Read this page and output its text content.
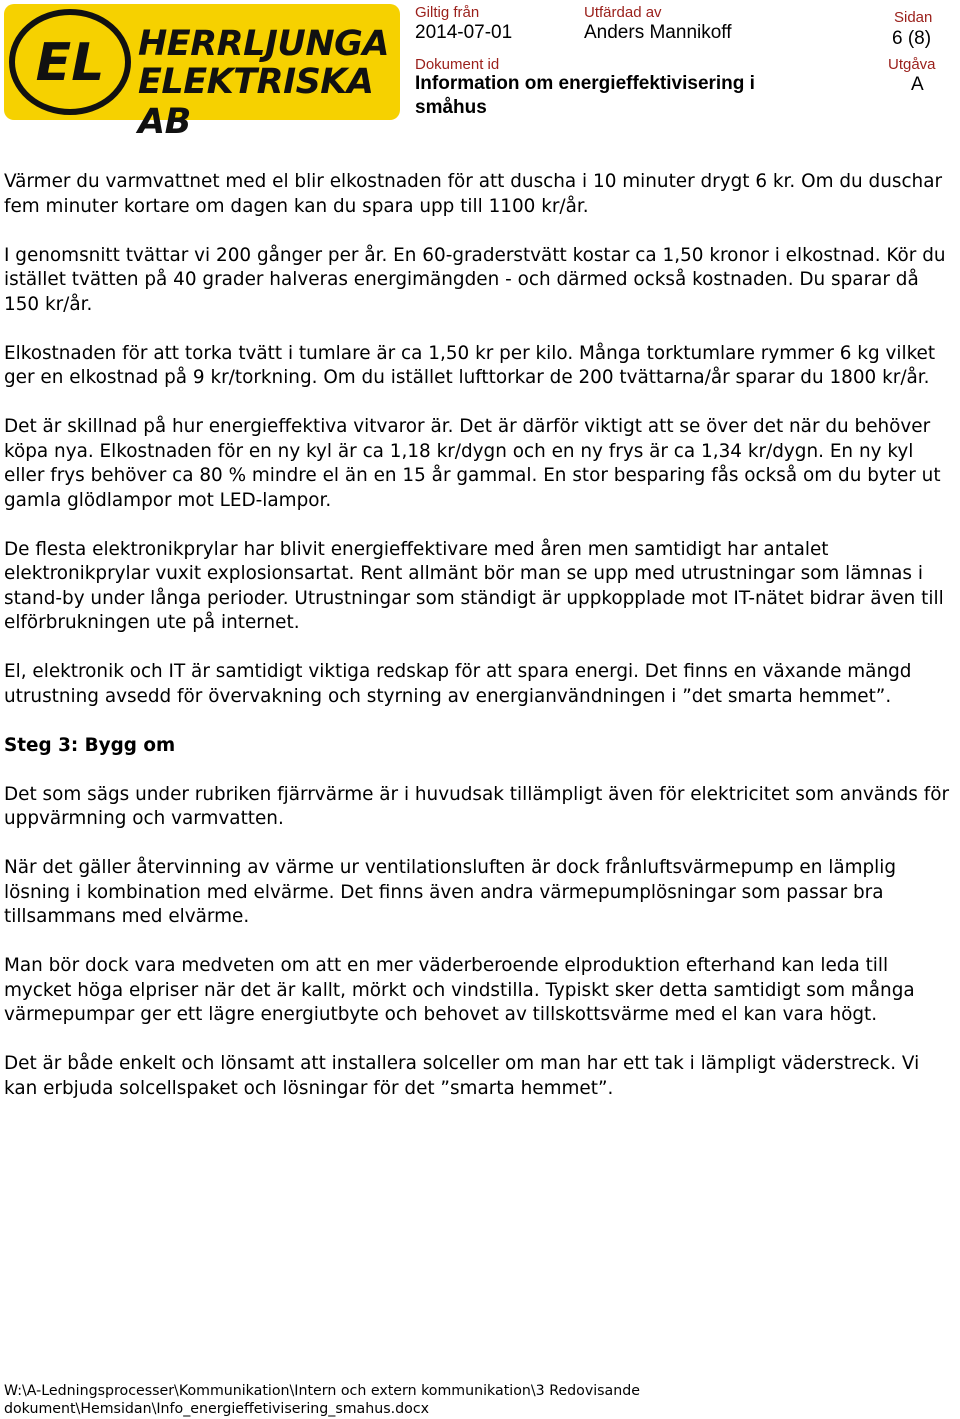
EL HERRLJUNGA
ELEKTRISKA AB
Giltig från
2014-07-01
Utfärdad av
Anders Mannikoff
Sidan
6 (8)
Dokument id
Information om energieffektivisering i
småhus
Utgåva
A

Värmer du varmvattnet med el blir elkostnaden för att duscha i 10 minuter drygt 6 kr. Om du duschar fem minuter kortare om dagen kan du spara upp till 1100 kr/år.

I genomsnitt tvättar vi 200 gånger per år. En 60-graderstvätt kostar ca 1,50 kronor i elkostnad. Kör du istället tvätten på 40 grader halveras energimängden - och därmed också kostnaden. Du sparar då 150 kr/år.

Elkostnaden för att torka tvätt i tumlare är ca 1,50 kr per kilo. Många torktumlare rymmer 6 kg vilket ger en elkostnad på 9 kr/torkning. Om du istället lufttorkar de 200 tvättarna/år sparar du 1800 kr/år.

Det är skillnad på hur energieffektiva vitvaror är. Det är därför viktigt att se över det när du behöver köpa nya. Elkostnaden för en ny kyl är ca 1,18 kr/dygn och en ny frys är ca 1,34 kr/dygn. En ny kyl eller frys behöver ca 80 % mindre el än en 15 år gammal. En stor besparing fås också om du byter ut gamla glödlampor mot LED-lampor.

De flesta elektronikprylar har blivit energieffektivare med åren men samtidigt har antalet elektronikprylar vuxit explosionsartat. Rent allmänt bör man se upp med utrustningar som lämnas i stand-by under långa perioder. Utrustningar som ständigt är uppkopplade mot IT-nätet bidrar även till elförbrukningen ute på internet.

El, elektronik och IT är samtidigt viktiga redskap för att spara energi. Det finns en växande mängd utrustning avsedd för övervakning och styrning av energianvändningen i ”det smarta hemmet”.

Steg 3: Bygg om

Det som sägs under rubriken fjärrvärme är i huvudsak tillämpligt även för elektricitet som används för uppvärmning och varmvatten.

När det gäller återvinning av värme ur ventilationsluften är dock frånluftsvärmepump en lämplig lösning i kombination med elvärme. Det finns även andra värmepumplösningar som passar bra tillsammans med elvärme.

Man bör dock vara medveten om att en mer väderberoende elproduktion efterhand kan leda till mycket höga elpriser när det är kallt, mörkt och vindstilla. Typiskt sker detta samtidigt som många värmepumpar ger ett lägre energiutbyte och behovet av tillskottsvärme med el kan vara högt.

Det är både enkelt och lönsamt att installera solceller om man har ett tak i lämpligt väderstreck. Vi kan erbjuda solcellspaket och lösningar för det ”smarta hemmet”.

W:\A-Ledningsprocesser\Kommunikation\Intern och extern kommunikation\3 Redovisande
dokument\Hemsidan\Info_energieffetivisering_smahus.docx
